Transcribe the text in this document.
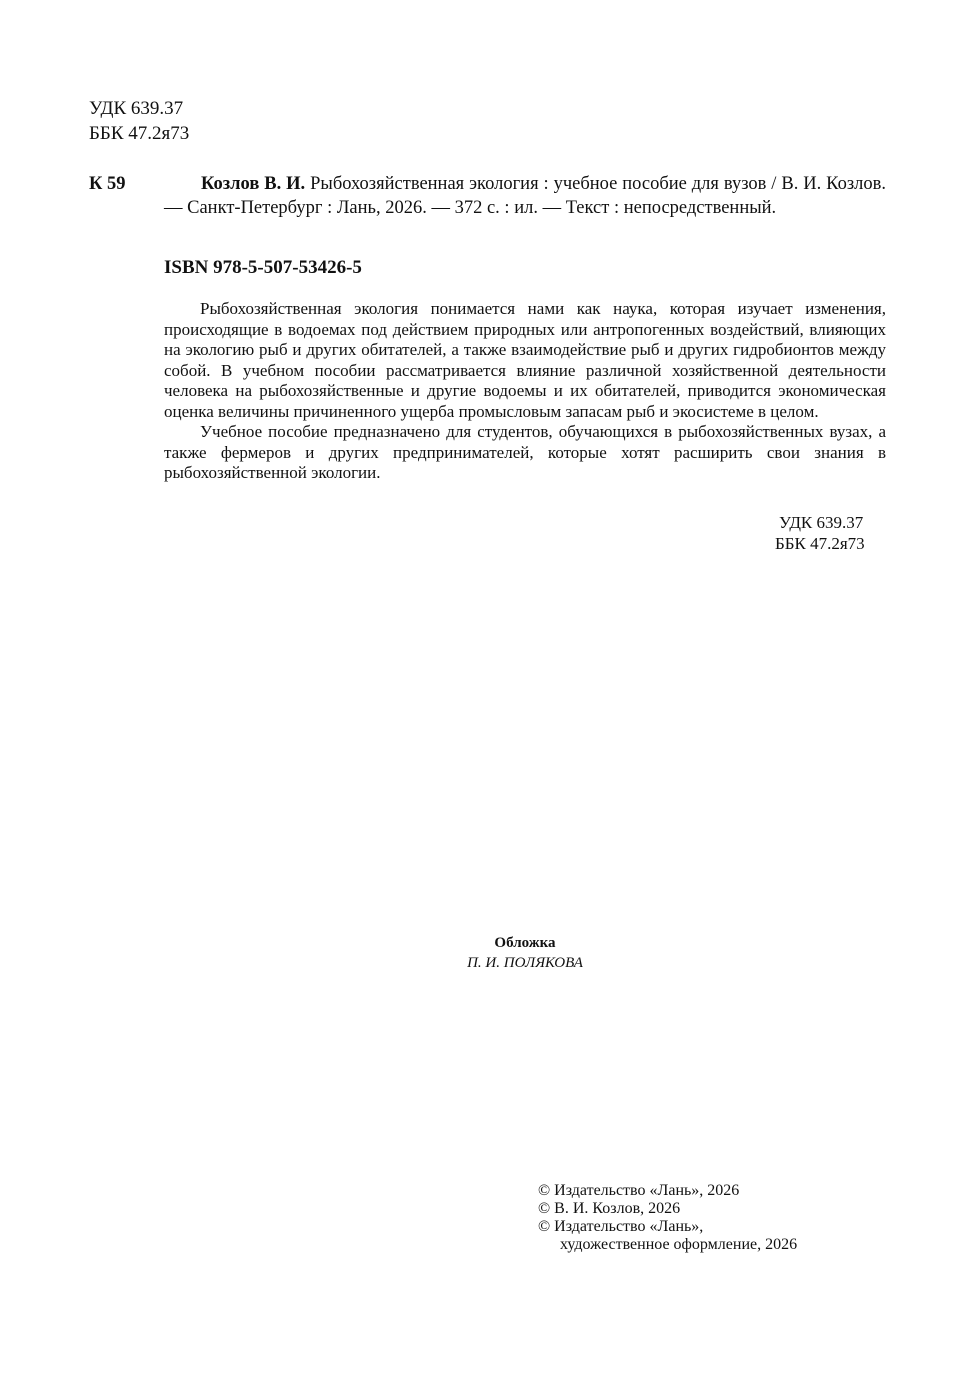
УДК 639.37
ББК 47.2я73
К 59	Козлов В. И. Рыбохозяйственная экология : учебное пособие для вузов / В. И. Козлов. — Санкт-Петербург : Лань, 2026. — 372 с. : ил. — Текст : непосредственный.
ISBN 978-5-507-53426-5

Рыбохозяйственная экология понимается нами как наука, которая изучает изменения, происходящие в водоемах под действием природных или антропогенных воздействий, влияющих на экологию рыб и других обитателей, а также взаимодействие рыб и других гидробионтов между собой. В учебном пособии рассматривается влияние различной хозяйственной деятельности человека на рыбохозяйственные и другие водоемы и их обитателей, приводится экономическая оценка величины причиненного ущерба промысловым запасам рыб и экосистеме в целом.

Учебное пособие предназначено для студентов, обучающихся в рыбохозяйственных вузах, а также фермеров и других предпринимателей, которые хотят расширить свои знания в рыбохозяйственной экологии.

УДК 639.37
ББК 47.2я73
Обложка
П. И. ПОЛЯКОВА
© Издательство «Лань», 2026
© В. И. Козлов, 2026
© Издательство «Лань»,
художественное оформление, 2026
